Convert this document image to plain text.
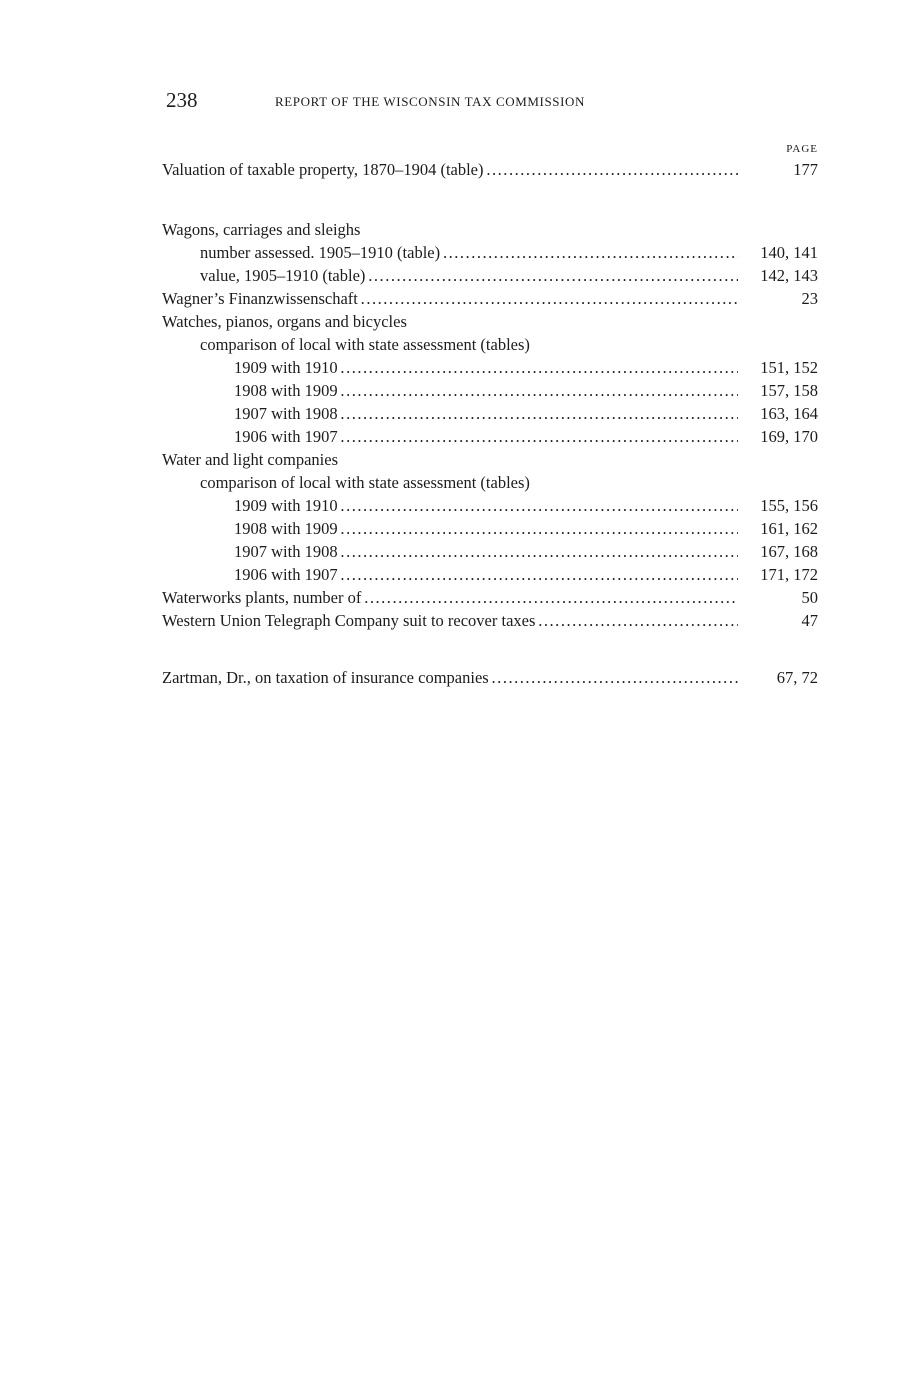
238	REPORT OF THE WISCONSIN TAX COMMISSION
PAGE
Valuation of taxable property, 1870–1904 (table) . . .	177
Wagons, carriages and sleighs
number assessed. 1905–1910 (table) . . .	140, 141
value, 1905–1910 (table) . . .	142, 143
Wagner’s Finanzwissenschaft . . .	23
Watches, pianos, organs and bicycles
comparison of local with state assessment (tables)
1909 with 1910 . . .	151, 152
1908 with 1909 . . .	157, 158
1907 with 1908 . . .	163, 164
1906 with 1907 . . .	169, 170
Water and light companies
comparison of local with state assessment (tables)
1909 with 1910 . . .	155, 156
1908 with 1909 . . .	161, 162
1907 with 1908 . . .	167, 168
1906 with 1907 . . .	171, 172
Waterworks plants, number of . . .	50
Western Union Telegraph Company suit to recover taxes . . .	47
Zartman, Dr., on taxation of insurance companies . . .	67, 72
